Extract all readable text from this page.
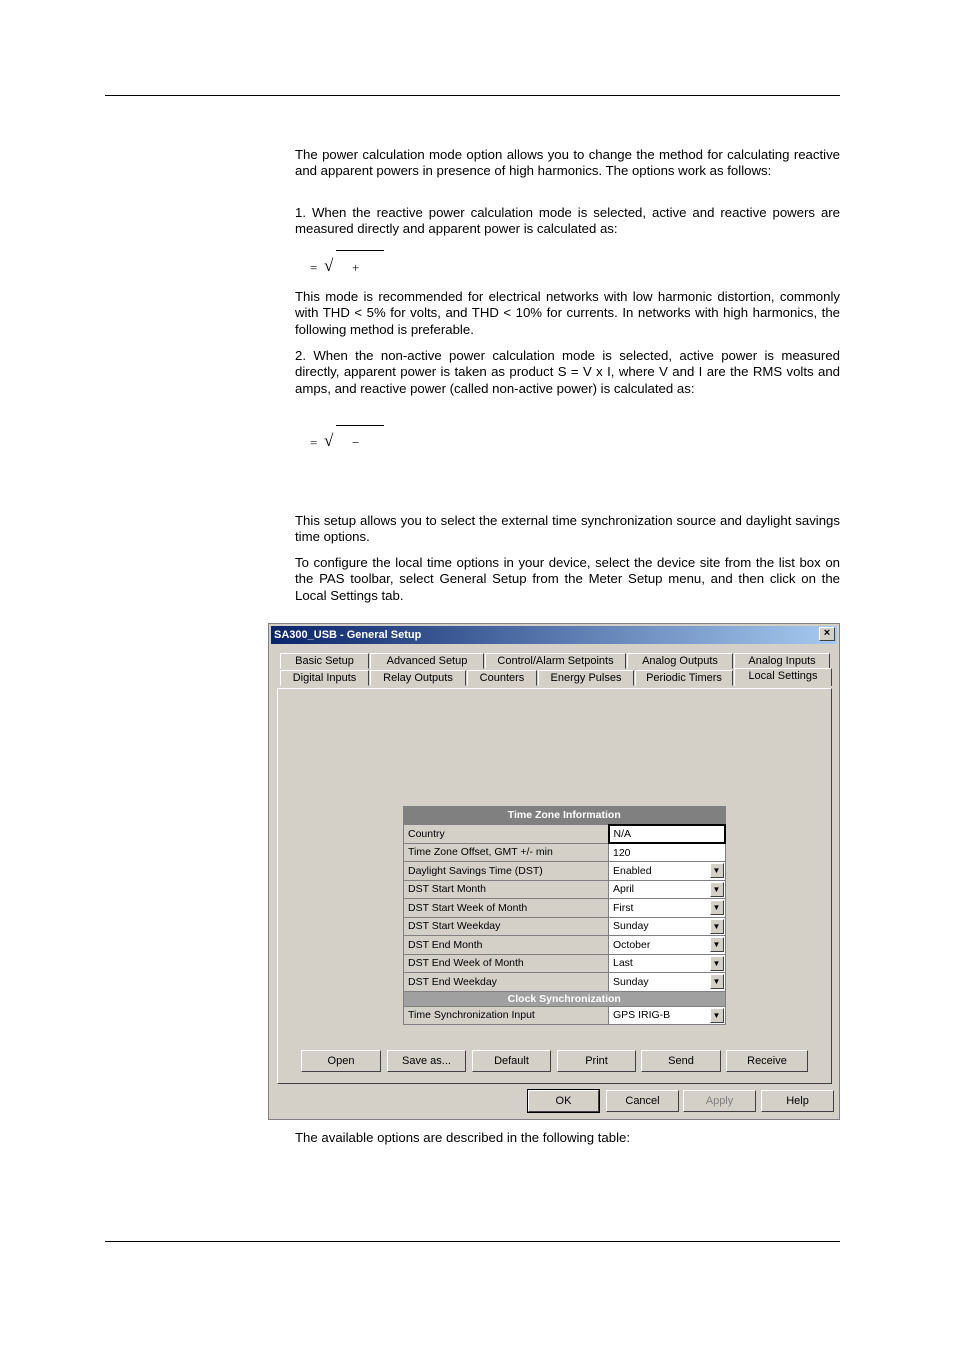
The power calculation mode option allows you to change the method for calculating reactive and apparent powers in presence of high harmonics. The options work as follows:

1. When the reactive power calculation mode is selected, active and reactive powers are measured directly and apparent power is calculated as:

= √ +

This mode is recommended for electrical networks with low harmonic distortion, commonly with THD < 5% for volts, and THD < 10% for currents. In networks with high harmonics, the following method is preferable.

2. When the non-active power calculation mode is selected, active power is measured directly, apparent power is taken as product S = V x I, where V and I are the RMS volts and amps, and reactive power (called non-active power) is calculated as:

= √ −

This setup allows you to select the external time synchronization source and daylight savings time options.

To configure the local time options in your device, select the device site from the list box on the PAS toolbar, select General Setup from the Meter Setup menu, and then click on the Local Settings tab.

SA300_USB - General Setup	×
Basic Setup	Advanced Setup	Control/Alarm Setpoints	Analog Outputs	Analog Inputs
Digital Inputs	Relay Outputs	Counters	Energy Pulses	Periodic Timers	Local Settings
Time Zone Information	
Country	N/A
Time Zone Offset, GMT +/- min	120
Daylight Savings Time (DST)	Enabled ▼

DST Start Month	April ▼

DST Start Week of Month	First ▼

DST Start Weekday	Sunday ▼

DST End Month	October ▼

DST End Week of Month	Last ▼

DST End Weekday	Sunday ▼

Clock Synchronization	
Time Synchronization Input	GPS IRIG-B ▼
Open	Save as...	Default	Print	Send	Receive
OK	Cancel	Apply	Help

The available options are described in the following table:
